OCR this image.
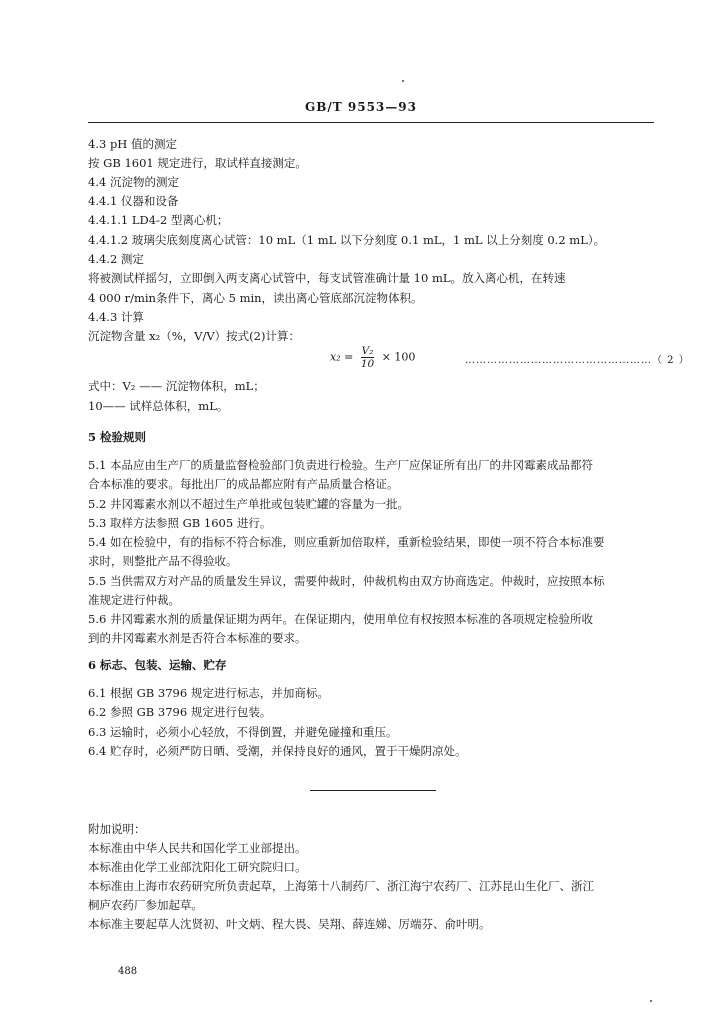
GB/T 9553—93
4.3 pH 值的测定
按 GB 1601 规定进行，取试样直接测定。
4.4 沉淀物的测定
4.4.1 仪器和设备
4.4.1.1 LD4-2 型离心机；
4.4.1.2 玻璃尖底刻度离心试管：10 mL（1 mL 以下分刻度 0.1 mL，1 mL 以上分刻度 0.2 mL）。
4.4.2 测定
将被测试样摇匀，立即倒入两支离心试管中，每支试管准确计量 10 mL。放入离心机，在转速
4 000 r/min条件下，离心 5 min，读出离心管底部沉淀物体积。
4.4.3 计算
沉淀物含量 x₂（%，V/V）按式(2)计算：
$x_2 = \frac{\text{V₂}}{10} \times 100$	……………………………………………（ 2 ）
式中：V₂ —— 沉淀物体积，mL；
10—— 试样总体积，mL。
5 检验规则
5.1 本品应由生产厂的质量监督检验部门负责进行检验。生产厂应保证所有出厂的井冈霉素成品都符
合本标准的要求。每批出厂的成品都应附有产品质量合格证。
5.2 井冈霉素水剂以不超过生产单批或包装贮罐的容量为一批。
5.3 取样方法参照 GB 1605 进行。
5.4 如在检验中，有的指标不符合标准，则应重新加倍取样，重新检验结果，即使一项不符合本标准要
求时，则整批产品不得验收。
5.5 当供需双方对产品的质量发生异议，需要仲裁时，仲裁机构由双方协商选定。仲裁时，应按照本标
准规定进行仲裁。
5.6 井冈霉素水剂的质量保证期为两年。在保证期内，使用单位有权按照本标准的各项规定检验所收
到的井冈霉素水剂是否符合本标准的要求。
6 标志、包装、运输、贮存
6.1 根据 GB 3796 规定进行标志，并加商标。
6.2 参照 GB 3796 规定进行包装。
6.3 运输时，必须小心轻放，不得倒置，并避免碰撞和重压。
6.4 贮存时，必须严防日晒、受潮，并保持良好的通风，置于干燥阴凉处。
附加说明：
本标准由中华人民共和国化学工业部提出。
本标准由化学工业部沈阳化工研究院归口。
本标准由上海市农药研究所负责起草，上海第十八制药厂、浙江海宁农药厂、江苏昆山生化厂、浙江
桐庐农药厂参加起草。
本标准主要起草人沈贤初、叶文炳、程大畏、吴翔、薛连娣、厉端芬、俞叶明。
488
